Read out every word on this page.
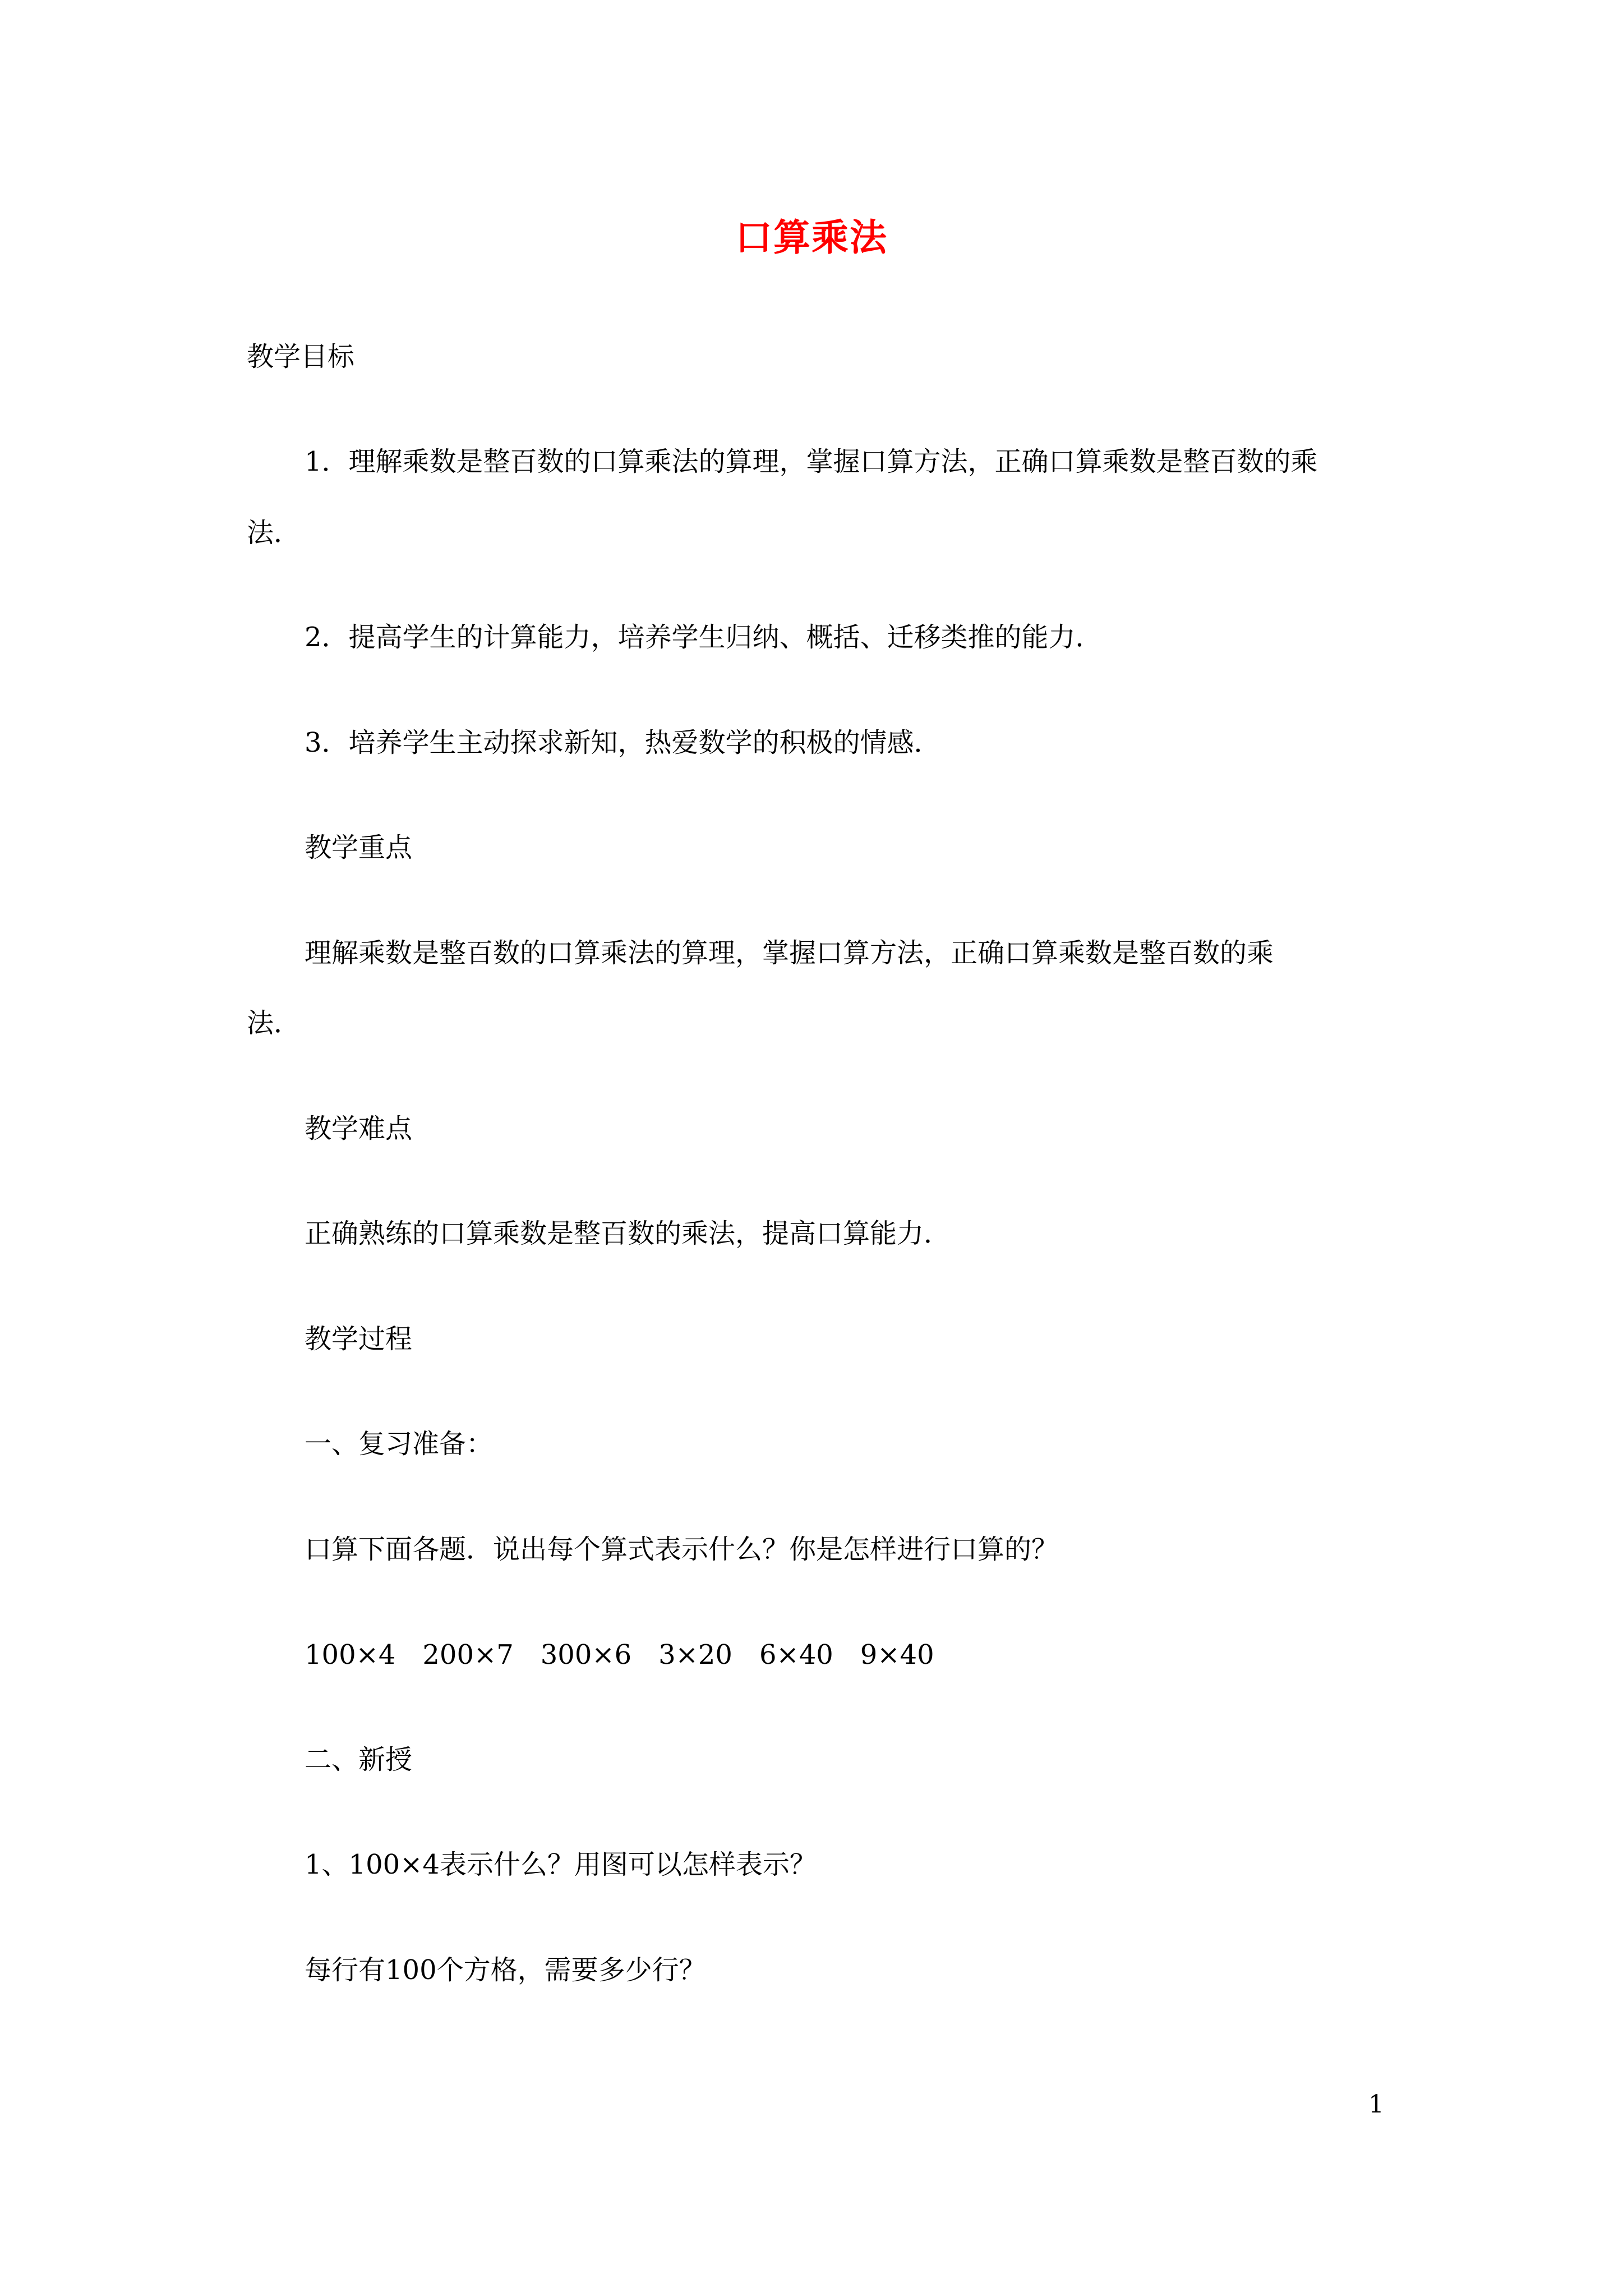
口算乘法
教学目标
1．理解乘数是整百数的口算乘法的算理，掌握口算方法，正确口算乘数是整百数的乘
法．
2．提高学生的计算能力，培养学生归纳、概括、迁移类推的能力．
3．培养学生主动探求新知，热爱数学的积极的情感．
教学重点
理解乘数是整百数的口算乘法的算理，掌握口算方法，正确口算乘数是整百数的乘
法．
教学难点
正确熟练的口算乘数是整百数的乘法，提高口算能力．
教学过程
一、复习准备：
口算下面各题．说出每个算式表示什么？你是怎样进行口算的？
100×4　200×7　300×6　3×20　6×40　9×40
二、新授
1、100×4表示什么？用图可以怎样表示？
每行有100个方格，需要多少行？
1
